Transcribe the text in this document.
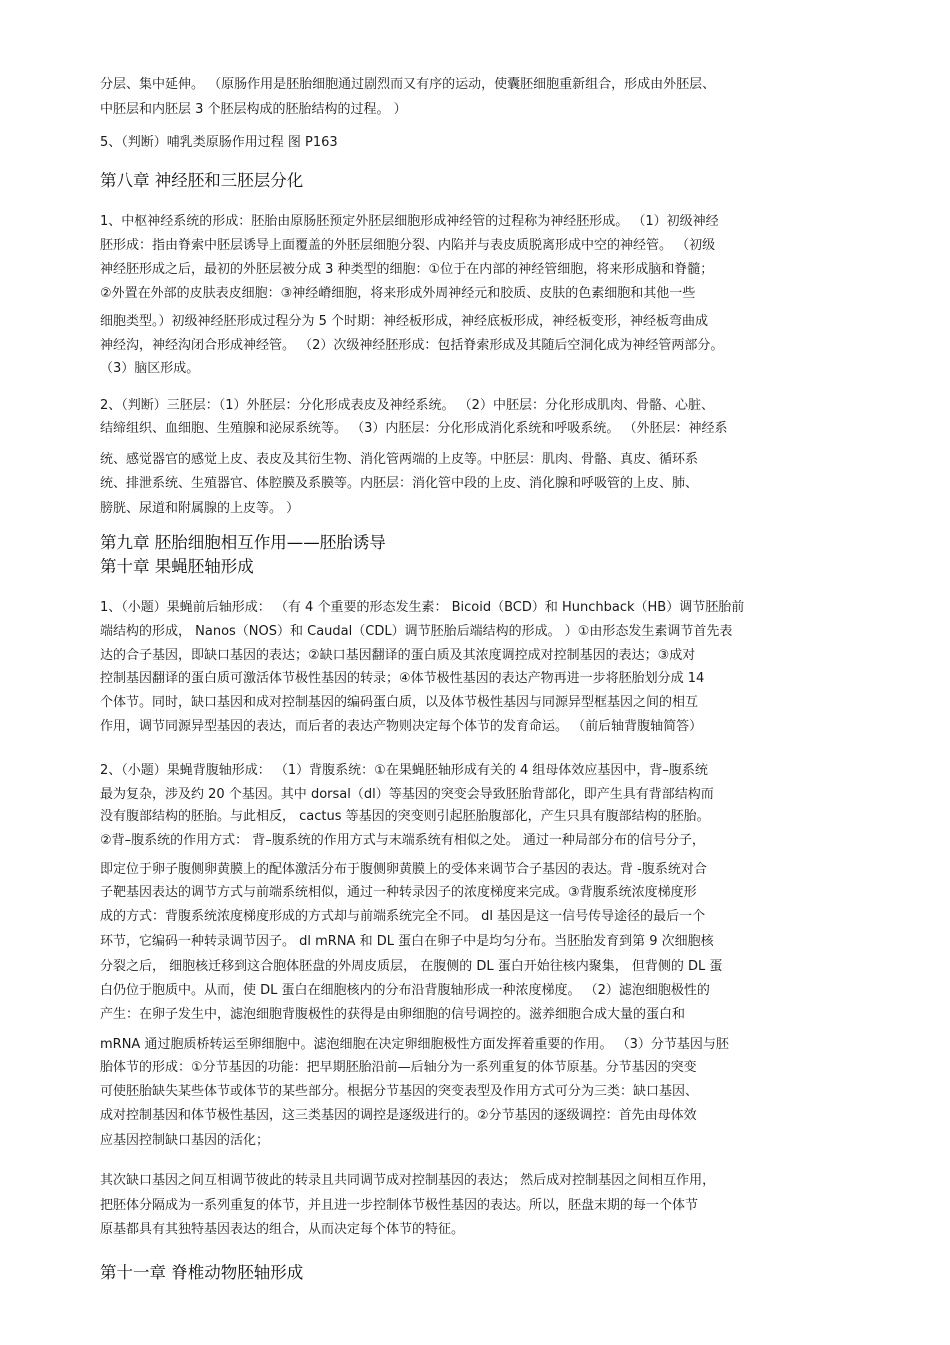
分层、集中延伸。 （原肠作用是胚胎细胞通过剧烈而又有序的运动，使囊胚细胞重新组合，形成由外胚层、
中胚层和内胚层 3 个胚层构成的胚胎结构的过程。 ）
5、（判断）哺乳类原肠作用过程 图 P163
第八章 神经胚和三胚层分化
1、中枢神经系统的形成：胚胎由原肠胚预定外胚层细胞形成神经管的过程称为神经胚形成。 （1）初级神经
胚形成：指由脊索中胚层诱导上面覆盖的外胚层细胞分裂、内陷并与表皮质脱离形成中空的神经管。 （初级
神经胚形成之后，最初的外胚层被分成 3 种类型的细胞：①位于在内部的神经管细胞，将来形成脑和脊髓；
②外置在外部的皮肤表皮细胞：③神经嵴细胞，将来形成外周神经元和胶质、皮肤的色素细胞和其他一些
细胞类型。）初级神经胚形成过程分为 5 个时期：神经板形成，神经底板形成，神经板变形，神经板弯曲成
神经沟，神经沟闭合形成神经管。 （2）次级神经胚形成：包括脊索形成及其随后空洞化成为神经管两部分。
（3）脑区形成。
2、（判断）三胚层：（1）外胚层：分化形成表皮及神经系统。 （2）中胚层：分化形成肌肉、骨骼、心脏、
结缔组织、血细胞、生殖腺和泌尿系统等。 （3）内胚层：分化形成消化系统和呼吸系统。 （外胚层：神经系
统、感觉器官的感觉上皮、表皮及其衍生物、消化管两端的上皮等。中胚层：肌肉、骨骼、真皮、循环系
统、排泄系统、生殖器官、体腔膜及系膜等。内胚层：消化管中段的上皮、消化腺和呼吸管的上皮、肺、
膀胱、尿道和附属腺的上皮等。 ）
第九章 胚胎细胞相互作用——胚胎诱导
第十章 果蝇胚轴形成
1、（小题）果蝇前后轴形成： （有 4 个重要的形态发生素： Bicoid（BCD）和 Hunchback（HB）调节胚胎前
端结构的形成， Nanos（NOS）和 Caudal（CDL）调节胚胎后端结构的形成。 ）①由形态发生素调节首先表
达的合子基因，即缺口基因的表达；②缺口基因翻译的蛋白质及其浓度调控成对控制基因的表达；③成对
控制基因翻译的蛋白质可激活体节极性基因的转录；④体节极性基因的表达产物再进一步将胚胎划分成 14
个体节。同时，缺口基因和成对控制基因的编码蛋白质，以及体节极性基因与同源异型框基因之间的相互
作用，调节同源异型基因的表达，而后者的表达产物则决定每个体节的发育命运。 （前后轴背腹轴简答）
2、（小题）果蝇背腹轴形成： （1）背腹系统：①在果蝇胚轴形成有关的 4 组母体效应基因中，背–腹系统
最为复杂，涉及约 20 个基因。其中 dorsal（dl）等基因的突变会导致胚胎背部化，即产生具有背部结构而
没有腹部结构的胚胎。与此相反， cactus 等基因的突变则引起胚胎腹部化，产生只具有腹部结构的胚胎。
②背–腹系统的作用方式： 背–腹系统的作用方式与末端系统有相似之处。 通过一种局部分布的信号分子，
即定位于卵子腹侧卵黄膜上的配体激活分布于腹侧卵黄膜上的受体来调节合子基因的表达。背 -腹系统对合
子靶基因表达的调节方式与前端系统相似，通过一种转录因子的浓度梯度来完成。③背腹系统浓度梯度形
成的方式：背腹系统浓度梯度形成的方式却与前端系统完全不同。 dl 基因是这一信号传导途径的最后一个
环节，它编码一种转录调节因子。 dl mRNA 和 DL 蛋白在卵子中是均匀分布。当胚胎发育到第 9 次细胞核
分裂之后， 细胞核迁移到这合胞体胚盘的外周皮质层， 在腹侧的 DL 蛋白开始往核内聚集， 但背侧的 DL 蛋
白仍位于胞质中。从而，使 DL 蛋白在细胞核内的分布沿背腹轴形成一种浓度梯度。 （2）滤泡细胞极性的
产生：在卵子发生中，滤泡细胞背腹极性的获得是由卵细胞的信号调控的。滋养细胞合成大量的蛋白和
mRNA 通过胞质桥转运至卵细胞中。滤泡细胞在决定卵细胞极性方面发挥着重要的作用。 （3）分节基因与胚
胎体节的形成：①分节基因的功能：把早期胚胎沿前—后轴分为一系列重复的体节原基。分节基因的突变
可使胚胎缺失某些体节或体节的某些部分。根据分节基因的突变表型及作用方式可分为三类：缺口基因、
成对控制基因和体节极性基因，这三类基因的调控是逐级进行的。②分节基因的逐级调控：首先由母体效
应基因控制缺口基因的活化；
其次缺口基因之间互相调节彼此的转录且共同调节成对控制基因的表达； 然后成对控制基因之间相互作用，
把胚体分隔成为一系列重复的体节，并且进一步控制体节极性基因的表达。所以，胚盘末期的每一个体节
原基都具有其独特基因表达的组合，从而决定每个体节的特征。
第十一章 脊椎动物胚轴形成
